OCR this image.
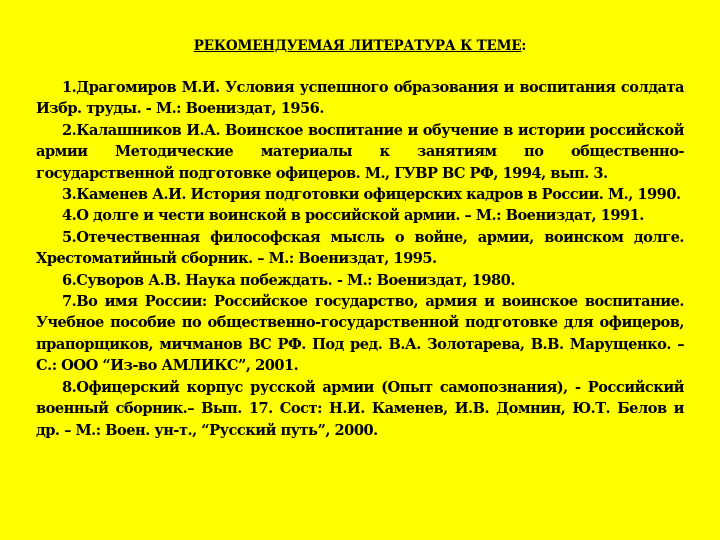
РЕКОМЕНДУЕМАЯ ЛИТЕРАТУРА К ТЕМЕ:
1.Драгомиров М.И. Условия успешного образования и воспитания солдата Избр. труды. - М.: Воениздат, 1956.
2.Калашников И.А. Воинское воспитание и обучение в истории российской армии Методические материалы к занятиям по общественно-государственной подготовке офицеров. М., ГУВР ВС РФ, 1994, вып. 3.
3.Каменев А.И. История подготовки офицерских кадров в России. М., 1990.
4.О долге и чести воинской в российской армии. – М.: Воениздат, 1991.
5.Отечественная философская мысль о войне, армии, воинском долге. Хрестоматийный сборник. – М.: Воениздат, 1995.
6.Суворов А.В. Наука побеждать. - М.: Воениздат, 1980.
7.Во имя России: Российское государство, армия и воинское воспитание. Учебное пособие по общественно-государственной подготовке для офицеров, прапорщиков, мичманов ВС РФ. Под ред. В.А. Золотарева, В.В. Марущенко. – С.: ООО “Из-во АМЛИКС”, 2001.
8.Офицерский корпус русской армии (Опыт самопознания), - Российский военный сборник.– Вып. 17. Сост: Н.И. Каменев, И.В. Домнин, Ю.Т. Белов и др. – М.: Воен. ун-т., “Русский путь”, 2000.
